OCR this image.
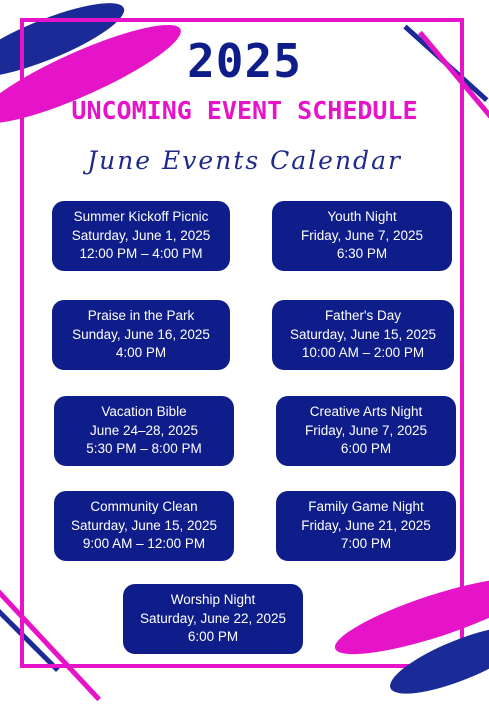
2025
UNCOMING EVENT SCHEDULE
June Events Calendar
Summer Kickoff Picnic
Saturday, June 1, 2025
12:00 PM – 4:00 PM
Youth Night
Friday, June 7, 2025
6:30 PM
Praise in the Park
Sunday, June 16, 2025
4:00 PM
Father's Day
Saturday, June 15, 2025
10:00 AM – 2:00 PM
Vacation Bible
June 24–28, 2025
5:30 PM – 8:00 PM
Creative Arts Night
Friday, June 7, 2025
6:00 PM
Community Clean
Saturday, June 15, 2025
9:00 AM – 12:00 PM
Family Game Night
Friday, June 21, 2025
7:00 PM
Worship Night
Saturday, June 22, 2025
6:00 PM
